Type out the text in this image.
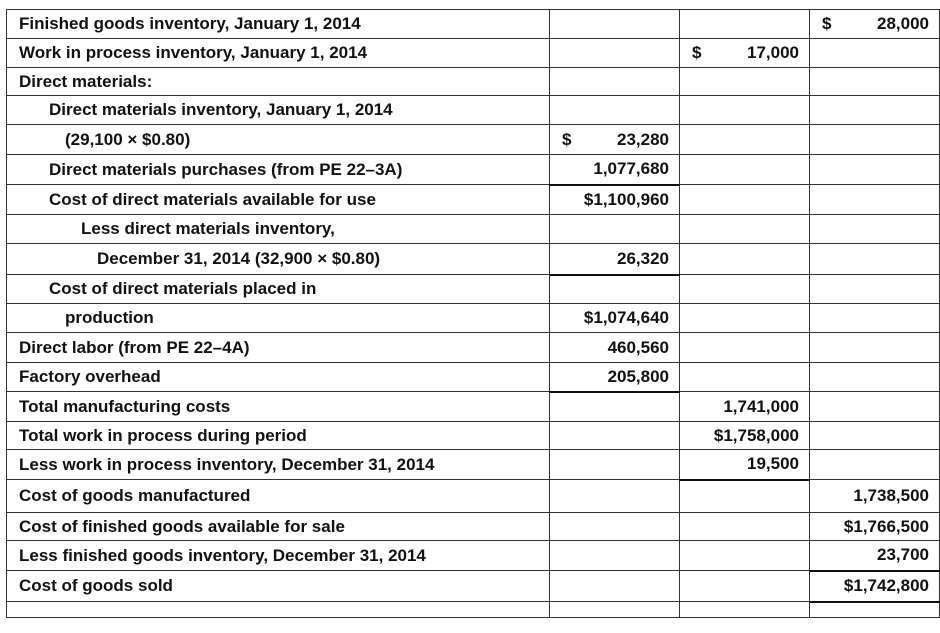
Finished goods inventory, January 1, 2014			$ 28,000
Work in process inventory, January 1, 2014		$ 17,000	
Direct materials:			
Direct materials inventory, January 1, 2014			
(29,100 × $0.80)	$ 23,280		
Direct materials purchases (from PE 22–3A)	1,077,680		
Cost of direct materials available for use	$1,100,960		
Less direct materials inventory,			
December 31, 2014 (32,900 × $0.80)	26,320		
Cost of direct materials placed in			
production	$1,074,640		
Direct labor (from PE 22–4A)	460,560		
Factory overhead	205,800		
Total manufacturing costs		1,741,000	
Total work in process during period		$1,758,000	
Less work in process inventory, December 31, 2014		19,500	
Cost of goods manufactured			1,738,500
Cost of finished goods available for sale			$1,766,500
Less finished goods inventory, December 31, 2014			23,700
Cost of goods sold			$1,742,800
